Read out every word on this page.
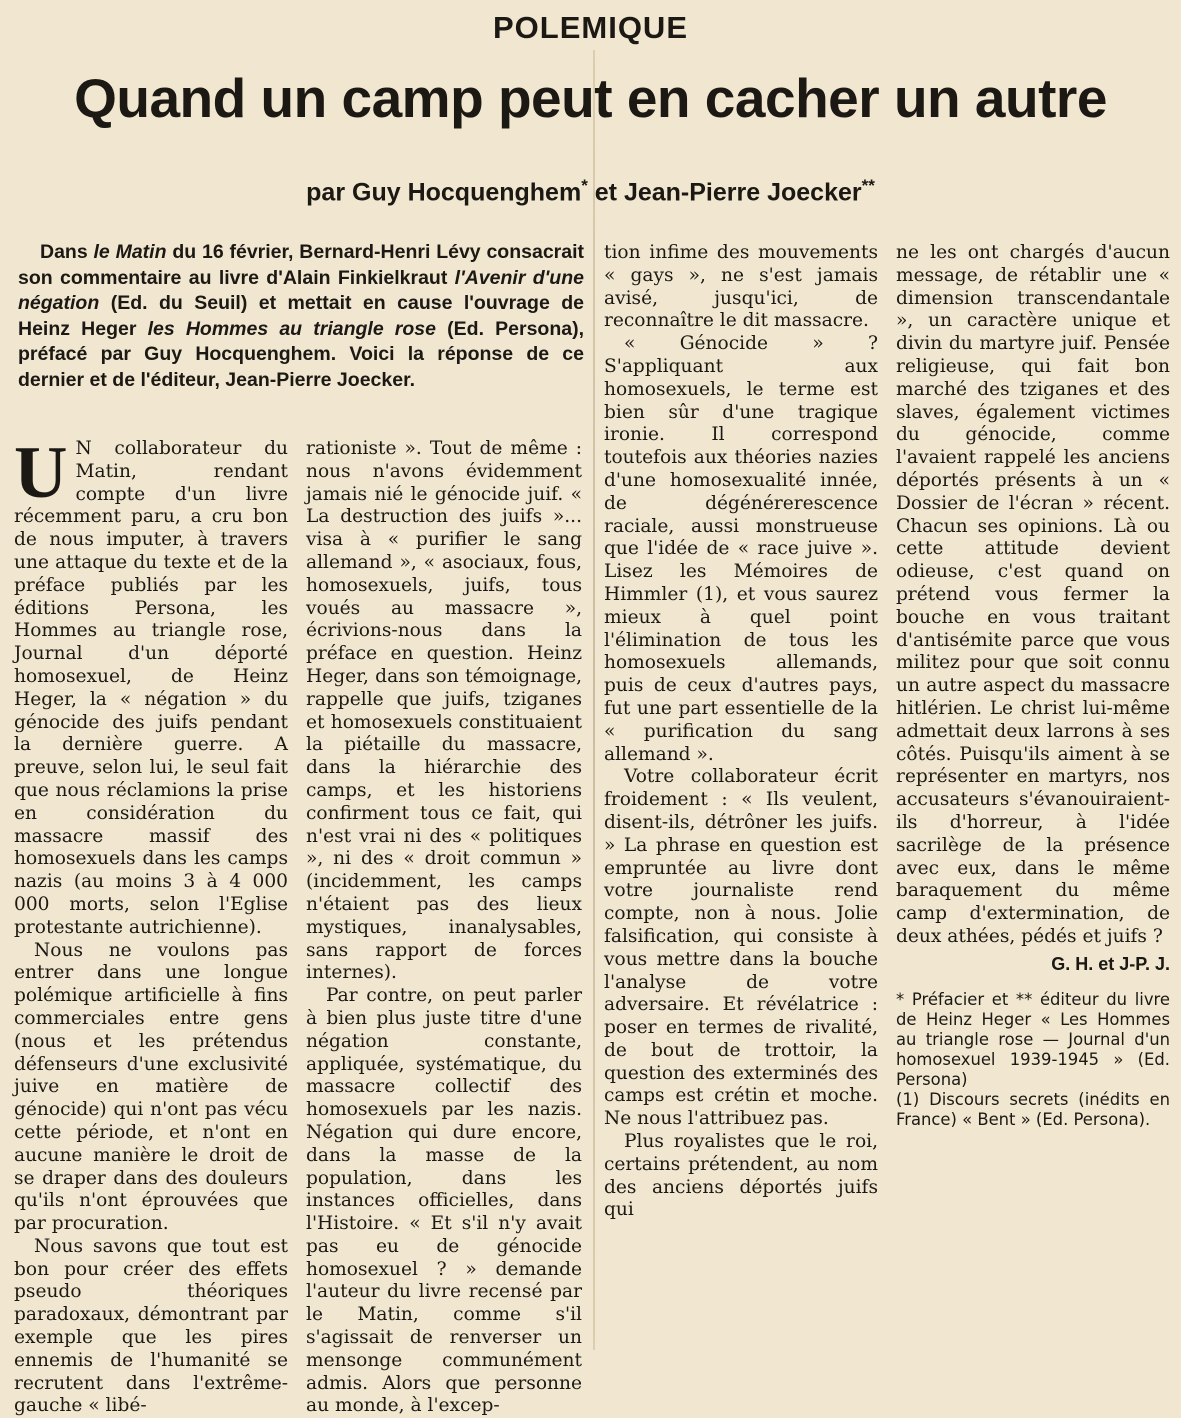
POLEMIQUE
Quand un camp peut en cacher un autre
par Guy Hocquenghem* et Jean-Pierre Joecker**
Dans le Matin du 16 février, Bernard-Henri Lévy consacrait son commentaire au livre d'Alain Finkielkraut l'Avenir d'une négation (Ed. du Seuil) et mettait en cause l'ouvrage de Heinz Heger les Hommes au triangle rose (Ed. Persona), préfacé par Guy Hocquenghem. Voici la réponse de ce dernier et de l'éditeur, Jean-Pierre Joecker.

U N collaborateur du Matin, rendant compte d'un livre récemment paru, a cru bon de nous imputer, à travers une attaque du texte et de la préface publiés par les éditions Persona, les Hommes au triangle rose, Journal d'un déporté homosexuel, de Heinz Heger, la « négation » du génocide des juifs pendant la dernière guerre. A preuve, selon lui, le seul fait que nous réclamions la prise en considération du massacre massif des homosexuels dans les camps nazis (au moins 3 à 4 000 000 morts, selon l'Eglise protestante autrichienne).

Nous ne voulons pas entrer dans une longue polémique artificielle à fins commerciales entre gens (nous et les prétendus défenseurs d'une exclusivité juive en matière de génocide) qui n'ont pas vécu cette période, et n'ont en aucune manière le droit de se draper dans des douleurs qu'ils n'ont éprouvées que par procuration.

Nous savons que tout est bon pour créer des effets pseudo théoriques paradoxaux, démontrant par exemple que les pires ennemis de l'humanité se recrutent dans l'extrême-gauche « libé-

rationiste ». Tout de même : nous n'avons évidemment jamais nié le génocide juif. « La destruction des juifs »... visa à « purifier le sang allemand », « asociaux, fous, homosexuels, juifs, tous voués au massacre », écrivions-nous dans la préface en question. Heinz Heger, dans son témoignage, rappelle que juifs, tziganes et homosexuels constituaient la piétaille du massacre, dans la hiérarchie des camps, et les historiens confirment tous ce fait, qui n'est vrai ni des « politiques », ni des « droit commun » (incidemment, les camps n'étaient pas des lieux mystiques, inanalysables, sans rapport de forces internes).

Par contre, on peut parler à bien plus juste titre d'une négation constante, appliquée, systématique, du massacre collectif des homosexuels par les nazis. Négation qui dure encore, dans la masse de la population, dans les instances officielles, dans l'Histoire. « Et s'il n'y avait pas eu de génocide homosexuel ? » demande l'auteur du livre recensé par le Matin, comme s'il s'agissait de renverser un mensonge communément admis. Alors que personne au monde, à l'excep-

tion infime des mouvements « gays », ne s'est jamais avisé, jusqu'ici, de reconnaître le dit massacre.

« Génocide » ? S'appliquant aux homosexuels, le terme est bien sûr d'une tragique ironie. Il correspond toutefois aux théories nazies d'une homosexualité innée, de dégénérerescence raciale, aussi monstrueuse que l'idée de « race juive ». Lisez les Mémoires de Himmler (1), et vous saurez mieux à quel point l'élimination de tous les homosexuels allemands, puis de ceux d'autres pays, fut une part essentielle de la « purification du sang allemand ».

Votre collaborateur écrit froidement : « Ils veulent, disent-ils, détrôner les juifs. » La phrase en question est empruntée au livre dont votre journaliste rend compte, non à nous. Jolie falsification, qui consiste à vous mettre dans la bouche l'analyse de votre adversaire. Et révélatrice : poser en termes de rivalité, de bout de trottoir, la question des exterminés des camps est crétin et moche. Ne nous l'attribuez pas.

Plus royalistes que le roi, certains prétendent, au nom des anciens déportés juifs qui

ne les ont chargés d'aucun message, de rétablir une « dimension transcendantale », un caractère unique et divin du martyre juif. Pensée religieuse, qui fait bon marché des tziganes et des slaves, également victimes du génocide, comme l'avaient rappelé les anciens déportés présents à un « Dossier de l'écran » récent. Chacun ses opinions. Là ou cette attitude devient odieuse, c'est quand on prétend vous fermer la bouche en vous traitant d'antisémite parce que vous militez pour que soit connu un autre aspect du massacre hitlérien. Le christ lui-même admettait deux larrons à ses côtés. Puisqu'ils aiment à se représenter en martyrs, nos accusateurs s'évanouiraient-ils d'horreur, à l'idée sacrilège de la présence avec eux, dans le même baraquement du même camp d'extermination, de deux athées, pédés et juifs ?

G. H. et J-P. J.

* Préfacier et ** éditeur du livre de Heinz Heger « Les Hommes au triangle rose — Journal d'un homosexuel 1939-1945 » (Ed. Persona)

(1) Discours secrets (inédits en France) « Bent » (Ed. Persona).
